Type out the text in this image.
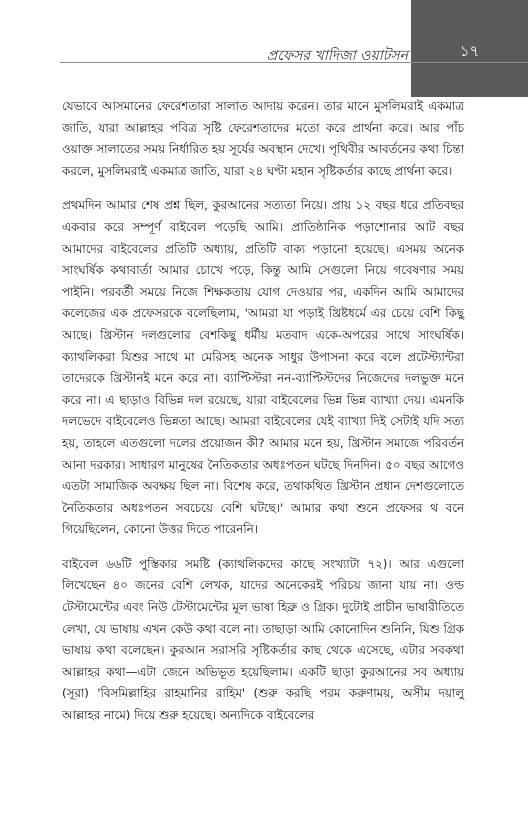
প্রফেসর খাদিজা ওয়াটসন	১৭

যেভাবে আসমানের ফেরেশতারা সালাত আদায় করেন। তার মানে মুসলিমরাই একমাত্র জাতি, যারা আল্লাহর পবিত্র সৃষ্টি ফেরেশতাদের মতো করে প্রার্থনা করে। আর পাঁচ ওয়াক্ত সালাতের সময় নির্ধারিত হয় সূর্যের অবস্থান দেখে। পৃথিবীর আবর্তনের কথা চিন্তা করলে, মুসলিমরাই একমাত্র জাতি, যারা ২৪ ঘণ্টা মহান সৃষ্টিকর্তার কাছে প্রার্থনা করে।

প্রথমদিন আমার শেষ প্রশ্ন ছিল, কুরআনের সত্যতা নিয়ে। প্রায় ১২ বছর ধরে প্রতিবছর একবার করে সম্পূর্ণ বাইবেল পড়েছি আমি। প্রাতিষ্ঠানিক পড়াশোনার আট বছর আমাদের বাইবেলের প্রতিটি অধ্যায়, প্রতিটি বাক্য পড়ানো হয়েছে। এসময় অনেক সাংঘর্ষিক কথাবার্তা আমার চোখে পড়ে, কিন্তু আমি সেগুলো নিয়ে গবেষণার সময় পাইনি। পরবর্তী সময়ে নিজে শিক্ষকতায় যোগ দেওয়ার পর, একদিন আমি আমাদের কলেজের এক প্রফেসরকে বলেছিলাম, 'আমরা যা পড়াই খ্রিষ্টধর্মে এর চেয়ে বেশি কিছু আছে। খ্রিস্টান দলগুলোর বেশকিছু ধর্মীয় মতবাদ একে-অপরের সাথে সাংঘর্ষিক। ক্যাথলিকরা যিশুর সাথে মা মেরিসহ অনেক সাধুর উপাসনা করে বলে প্রটেস্ট্যান্টরা তাদেরকে খ্রিস্টানই মনে করে না। ব্যাপ্টিস্টরা নন-ব্যাপ্টিস্টদের নিজেদের দলভুক্ত মনে করে না। এ ছাড়াও বিভিন্ন দল রয়েছে, যারা বাইবেলের ভিন্ন ভিন্ন ব্যাখ্যা দেয়। এমনকি দলভেদে বাইবেলেও ভিন্নতা আছে। আমরা বাইবেলের যেই ব্যাখ্যা দিই সেটাই যদি সত্য হয়, তাহলে এতগুলো দলের প্রয়োজন কী? আমার মনে হয়, খ্রিস্টান সমাজে পরিবর্তন আনা দরকার। সাধারণ মানুষের নৈতিকতার অধঃপতন ঘটছে দিনদিন। ৫০ বছর আগেও এতটা সামাজিক অবক্ষয় ছিল না। বিশেষ করে, তথাকথিত খ্রিস্টান প্রধান দেশগুলোতে নৈতিকতার অধঃপতন সবচেয়ে বেশি ঘটছে।' আমার কথা শুনে প্রফেসর থ বনে গিয়েছিলেন, কোনো উত্তর দিতে পারেননি।

বাইবেল ৬৬টি পুস্তিকার সমষ্টি (ক্যাথলিকদের কাছে সংখ্যাটা ৭২)। আর এগুলো লিখেছেন ৪০ জনের বেশি লেখক, যাদের অনেকেরই পরিচয় জানা যায় না। ওল্ড টেস্টামেন্টের এবং নিউ টেস্টামেন্টের মূল ভাষা হিব্রু ও গ্রিক। দুটোই প্রাচীন ভাষারীতিতে লেখা, যে ভাষায় এখন কেউ কথা বলে না। তাছাড়া আমি কোনোদিন শুনিনি, যিশু গ্রিক ভাষায় কথা বলেছেন। কুরআন সরাসরি সৃষ্টিকর্তার কাছ থেকে এসেছে, এটার সবকথা আল্লাহর কথা—এটা জেনে অভিভূত হয়েছিলাম। একটি ছাড়া কুরআনের সব অধ্যায় (সূরা) 'বিসমিল্লাহির রাহমানির রাহিম' (শুরু করছি পরম করুণাময়, অসীম দয়ালু আল্লাহর নামে) দিয়ে শুরু হয়েছে। অন্যদিকে বাইবেলের
